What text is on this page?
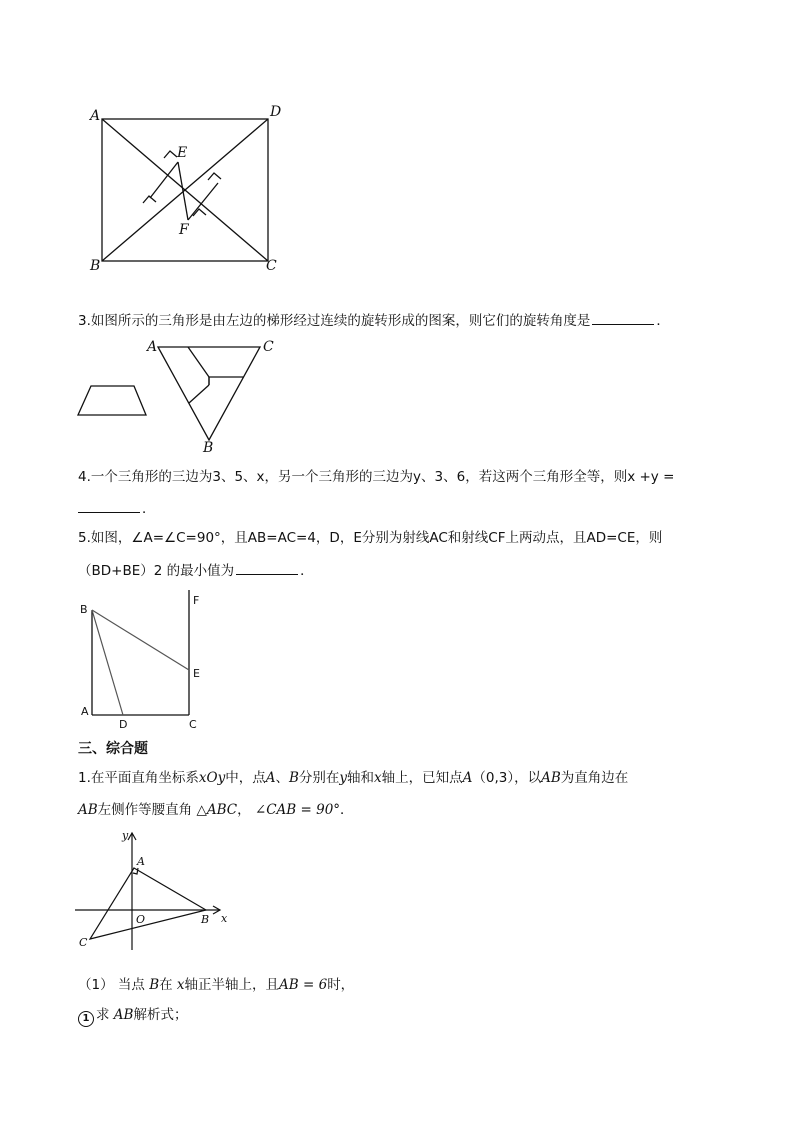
A	D
E
F
B	C
3.如图所示的三角形是由左边的梯形经过连续的旋转形成的图案，则它们的旋转角度是	．
A	C
B
4.一个三角形的三边为3、5、x，另一个三角形的三边为y、3、6，若这两个三角形全等，则x +y =
．
5.如图，∠A=∠C=90°，且AB=AC=4，D，E分别为射线AC和射线CF上两动点，且AD=CE，则
（BD+BE）2 的最小值为	．
B
F
E
A
D	C
三、综合题
1.在平面直角坐标系xOy中，点A、B分别在y轴和x轴上，已知点A（0,3），以AB为直角边在
AB左侧作等腰直角 △ABC， ∠CAB = 90°．
y
A
O	B x
C
（1） 当点 B在 x轴正半轴上，且AB = 6时，
1 求 AB解析式；
